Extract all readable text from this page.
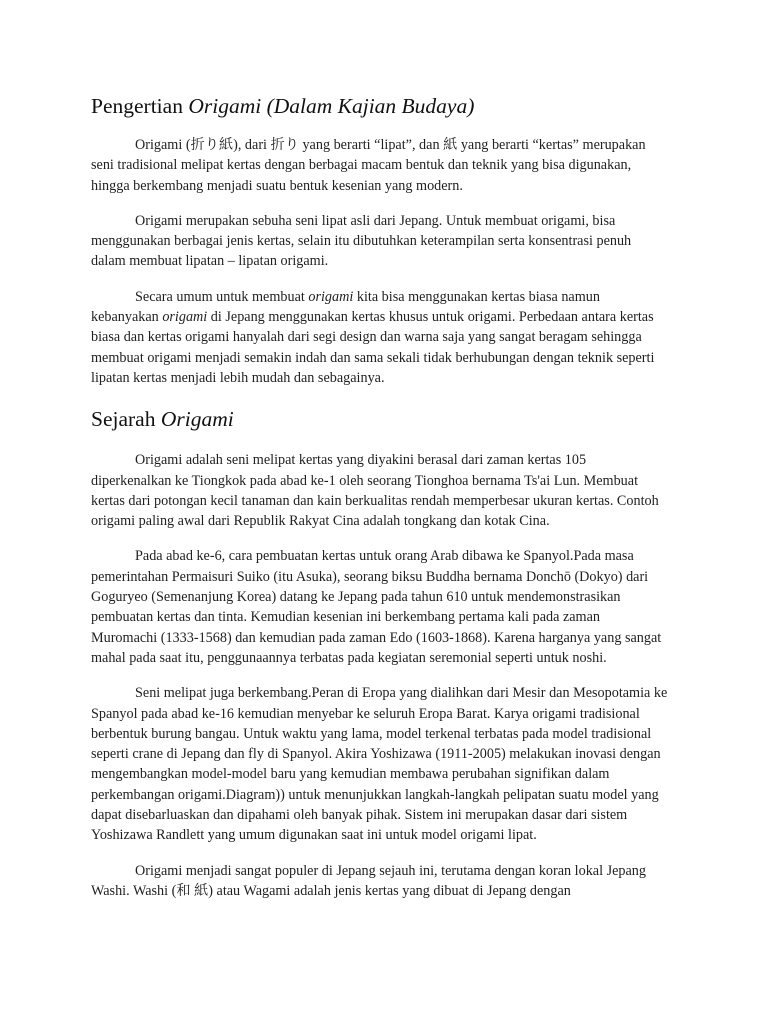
Pengertian Origami (Dalam Kajian Budaya)

Origami (折り紙), dari 折り yang berarti “lipat”, dan 紙 yang berarti “kertas” merupakan seni tradisional melipat kertas dengan berbagai macam bentuk dan teknik yang bisa digunakan, hingga berkembang menjadi suatu bentuk kesenian yang modern.

Origami merupakan sebuha seni lipat asli dari Jepang. Untuk membuat origami, bisa menggunakan berbagai jenis kertas, selain itu dibutuhkan keterampilan serta konsentrasi penuh dalam membuat lipatan – lipatan origami.

Secara umum untuk membuat origami kita bisa menggunakan kertas biasa namun kebanyakan origami di Jepang menggunakan kertas khusus untuk origami. Perbedaan antara kertas biasa dan kertas origami hanyalah dari segi design dan warna saja yang sangat beragam sehingga membuat origami menjadi semakin indah dan sama sekali tidak berhubungan dengan teknik seperti lipatan kertas menjadi lebih mudah dan sebagainya.

Sejarah Origami

Origami adalah seni melipat kertas yang diyakini berasal dari zaman kertas 105 diperkenalkan ke Tiongkok pada abad ke-1 oleh seorang Tionghoa bernama Ts'ai Lun. Membuat kertas dari potongan kecil tanaman dan kain berkualitas rendah memperbesar ukuran kertas. Contoh origami paling awal dari Republik Rakyat Cina adalah tongkang dan kotak Cina.

Pada abad ke-6, cara pembuatan kertas untuk orang Arab dibawa ke Spanyol.Pada masa pemerintahan Permaisuri Suiko (itu Asuka), seorang biksu Buddha bernama Donchō (Dokyo) dari Goguryeo (Semenanjung Korea) datang ke Jepang pada tahun 610 untuk mendemonstrasikan pembuatan kertas dan tinta. Kemudian kesenian ini berkembang pertama kali pada zaman Muromachi (1333-1568) dan kemudian pada zaman Edo (1603-1868). Karena harganya yang sangat mahal pada saat itu, penggunaannya terbatas pada kegiatan seremonial seperti untuk noshi.

Seni melipat juga berkembang.Peran di Eropa yang dialihkan dari Mesir dan Mesopotamia ke Spanyol pada abad ke-16 kemudian menyebar ke seluruh Eropa Barat. Karya origami tradisional berbentuk burung bangau. Untuk waktu yang lama, model terkenal terbatas pada model tradisional seperti crane di Jepang dan fly di Spanyol. Akira Yoshizawa (1911-2005) melakukan inovasi dengan mengembangkan model-model baru yang kemudian membawa perubahan signifikan dalam perkembangan origami.Diagram)) untuk menunjukkan langkah-langkah pelipatan suatu model yang dapat disebarluaskan dan dipahami oleh banyak pihak. Sistem ini merupakan dasar dari sistem Yoshizawa Randlett yang umum digunakan saat ini untuk model origami lipat.

Origami menjadi sangat populer di Jepang sejauh ini, terutama dengan koran lokal Jepang Washi. Washi (和 紙) atau Wagami adalah jenis kertas yang dibuat di Jepang dengan
